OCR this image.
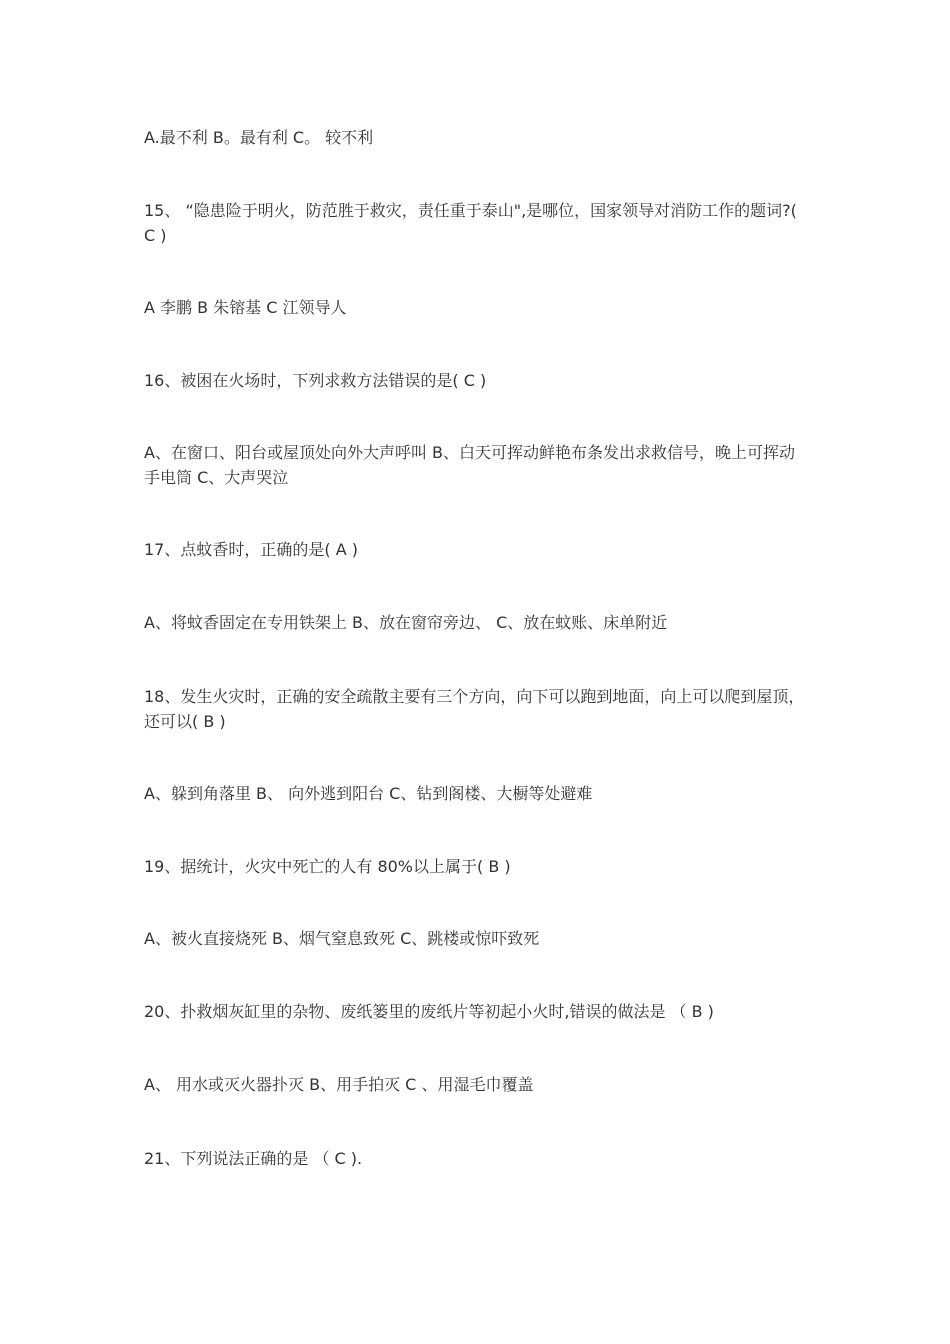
A.最不利 B。最有利 C。 较不利

15、 “隐患险于明火，防范胜于救灾，责任重于泰山",是哪位，国家领导对消防工作的题词?( C )

A 李鹏 B 朱镕基 C 江领导人

16、被困在火场时，下列求救方法错误的是( C )

A、在窗口、阳台或屋顶处向外大声呼叫 B、白天可挥动鲜艳布条发出求救信号，晚上可挥动手电筒 C、大声哭泣

17、点蚊香时，正确的是( A )

A、将蚊香固定在专用铁架上 B、放在窗帘旁边、 C、放在蚊账、床单附近

18、发生火灾时，正确的安全疏散主要有三个方向，向下可以跑到地面，向上可以爬到屋顶，还可以( B )

A、躲到角落里 B、 向外逃到阳台 C、钻到阁楼、大橱等处避难

19、据统计，火灾中死亡的人有 80%以上属于( B )

A、被火直接烧死 B、烟气窒息致死 C、跳楼或惊吓致死

20、扑救烟灰缸里的杂物、废纸篓里的废纸片等初起小火时,错误的做法是 （ B )

A、 用水或灭火器扑灭 B、用手拍灭 C 、用湿毛巾覆盖

21、下列说法正确的是 （ C ).
